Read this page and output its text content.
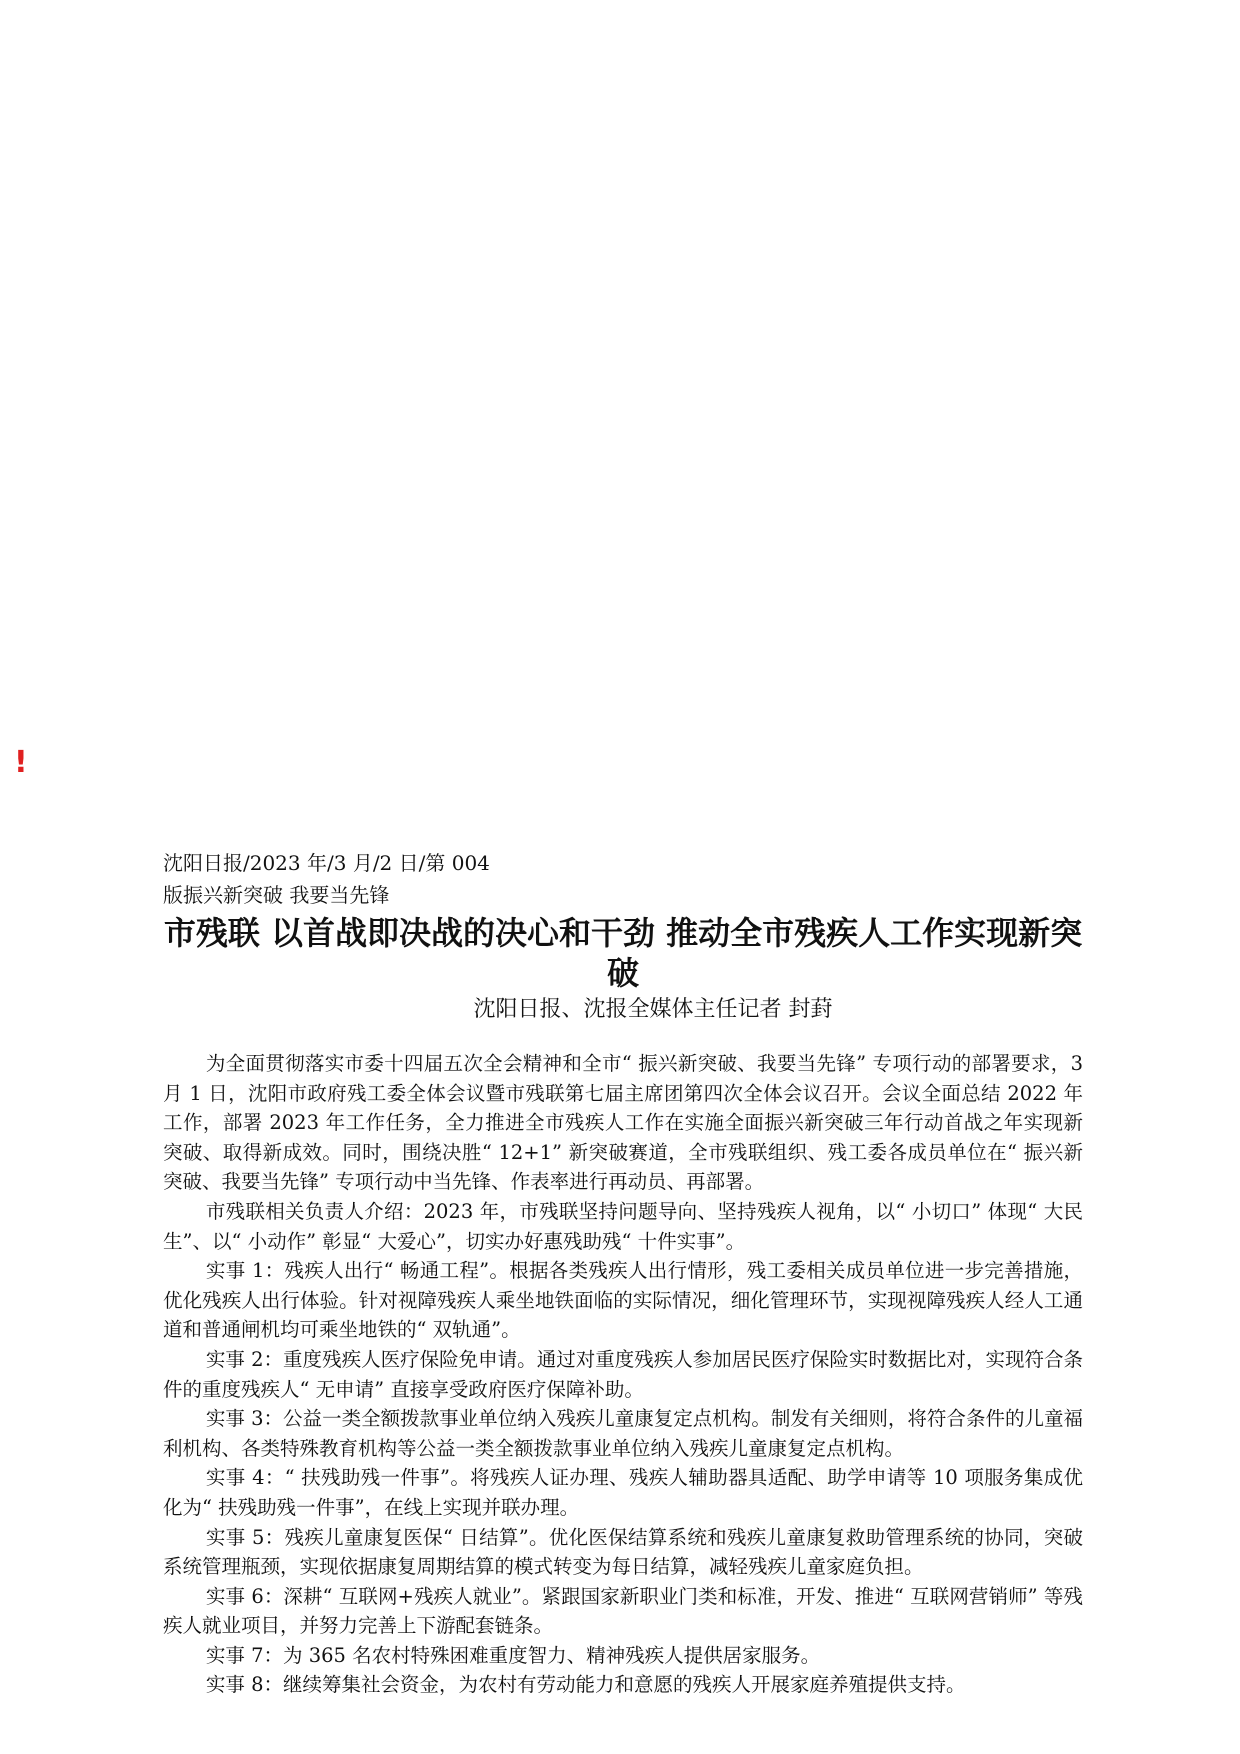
!
沈阳日报/2023 年/3 月/2 日/第 004
版振兴新突破 我要当先锋
市残联 以首战即决战的决心和干劲 推动全市残疾人工作实现新突破
沈阳日报、沈报全媒体主任记者 封葑

为全面贯彻落实市委十四届五次全会精神和全市“ 振兴新突破、我要当先锋” 专项行动的部署要求，3 月 1 日，沈阳市政府残工委全体会议暨市残联第七届主席团第四次全体会议召开。会议全面总结 2022 年工作，部署 2023 年工作任务，全力推进全市残疾人工作在实施全面振兴新突破三年行动首战之年实现新突破、取得新成效。同时，围绕决胜“ 12+1” 新突破赛道，全市残联组织、残工委各成员单位在“ 振兴新突破、我要当先锋” 专项行动中当先锋、作表率进行再动员、再部署。

市残联相关负责人介绍：2023 年，市残联坚持问题导向、坚持残疾人视角，以“ 小切口” 体现“ 大民生”、以“ 小动作” 彰显“ 大爱心”，切实办好惠残助残“ 十件实事”。

实事 1：残疾人出行“ 畅通工程”。根据各类残疾人出行情形，残工委相关成员单位进一步完善措施，优化残疾人出行体验。针对视障残疾人乘坐地铁面临的实际情况，细化管理环节，实现视障残疾人经人工通道和普通闸机均可乘坐地铁的“ 双轨通”。

实事 2：重度残疾人医疗保险免申请。通过对重度残疾人参加居民医疗保险实时数据比对，实现符合条件的重度残疾人“ 无申请” 直接享受政府医疗保障补助。

实事 3：公益一类全额拨款事业单位纳入残疾儿童康复定点机构。制发有关细则，将符合条件的儿童福利机构、各类特殊教育机构等公益一类全额拨款事业单位纳入残疾儿童康复定点机构。

实事 4：“ 扶残助残一件事”。将残疾人证办理、残疾人辅助器具适配、助学申请等 10 项服务集成优化为“ 扶残助残一件事”，在线上实现并联办理。

实事 5：残疾儿童康复医保“ 日结算”。优化医保结算系统和残疾儿童康复救助管理系统的协同，突破系统管理瓶颈，实现依据康复周期结算的模式转变为每日结算，减轻残疾儿童家庭负担。

实事 6：深耕“ 互联网+残疾人就业”。紧跟国家新职业门类和标准，开发、推进“ 互联网营销师” 等残疾人就业项目，并努力完善上下游配套链条。

实事 7：为 365 名农村特殊困难重度智力、精神残疾人提供居家服务。

实事 8：继续筹集社会资金，为农村有劳动能力和意愿的残疾人开展家庭养殖提供支持。
